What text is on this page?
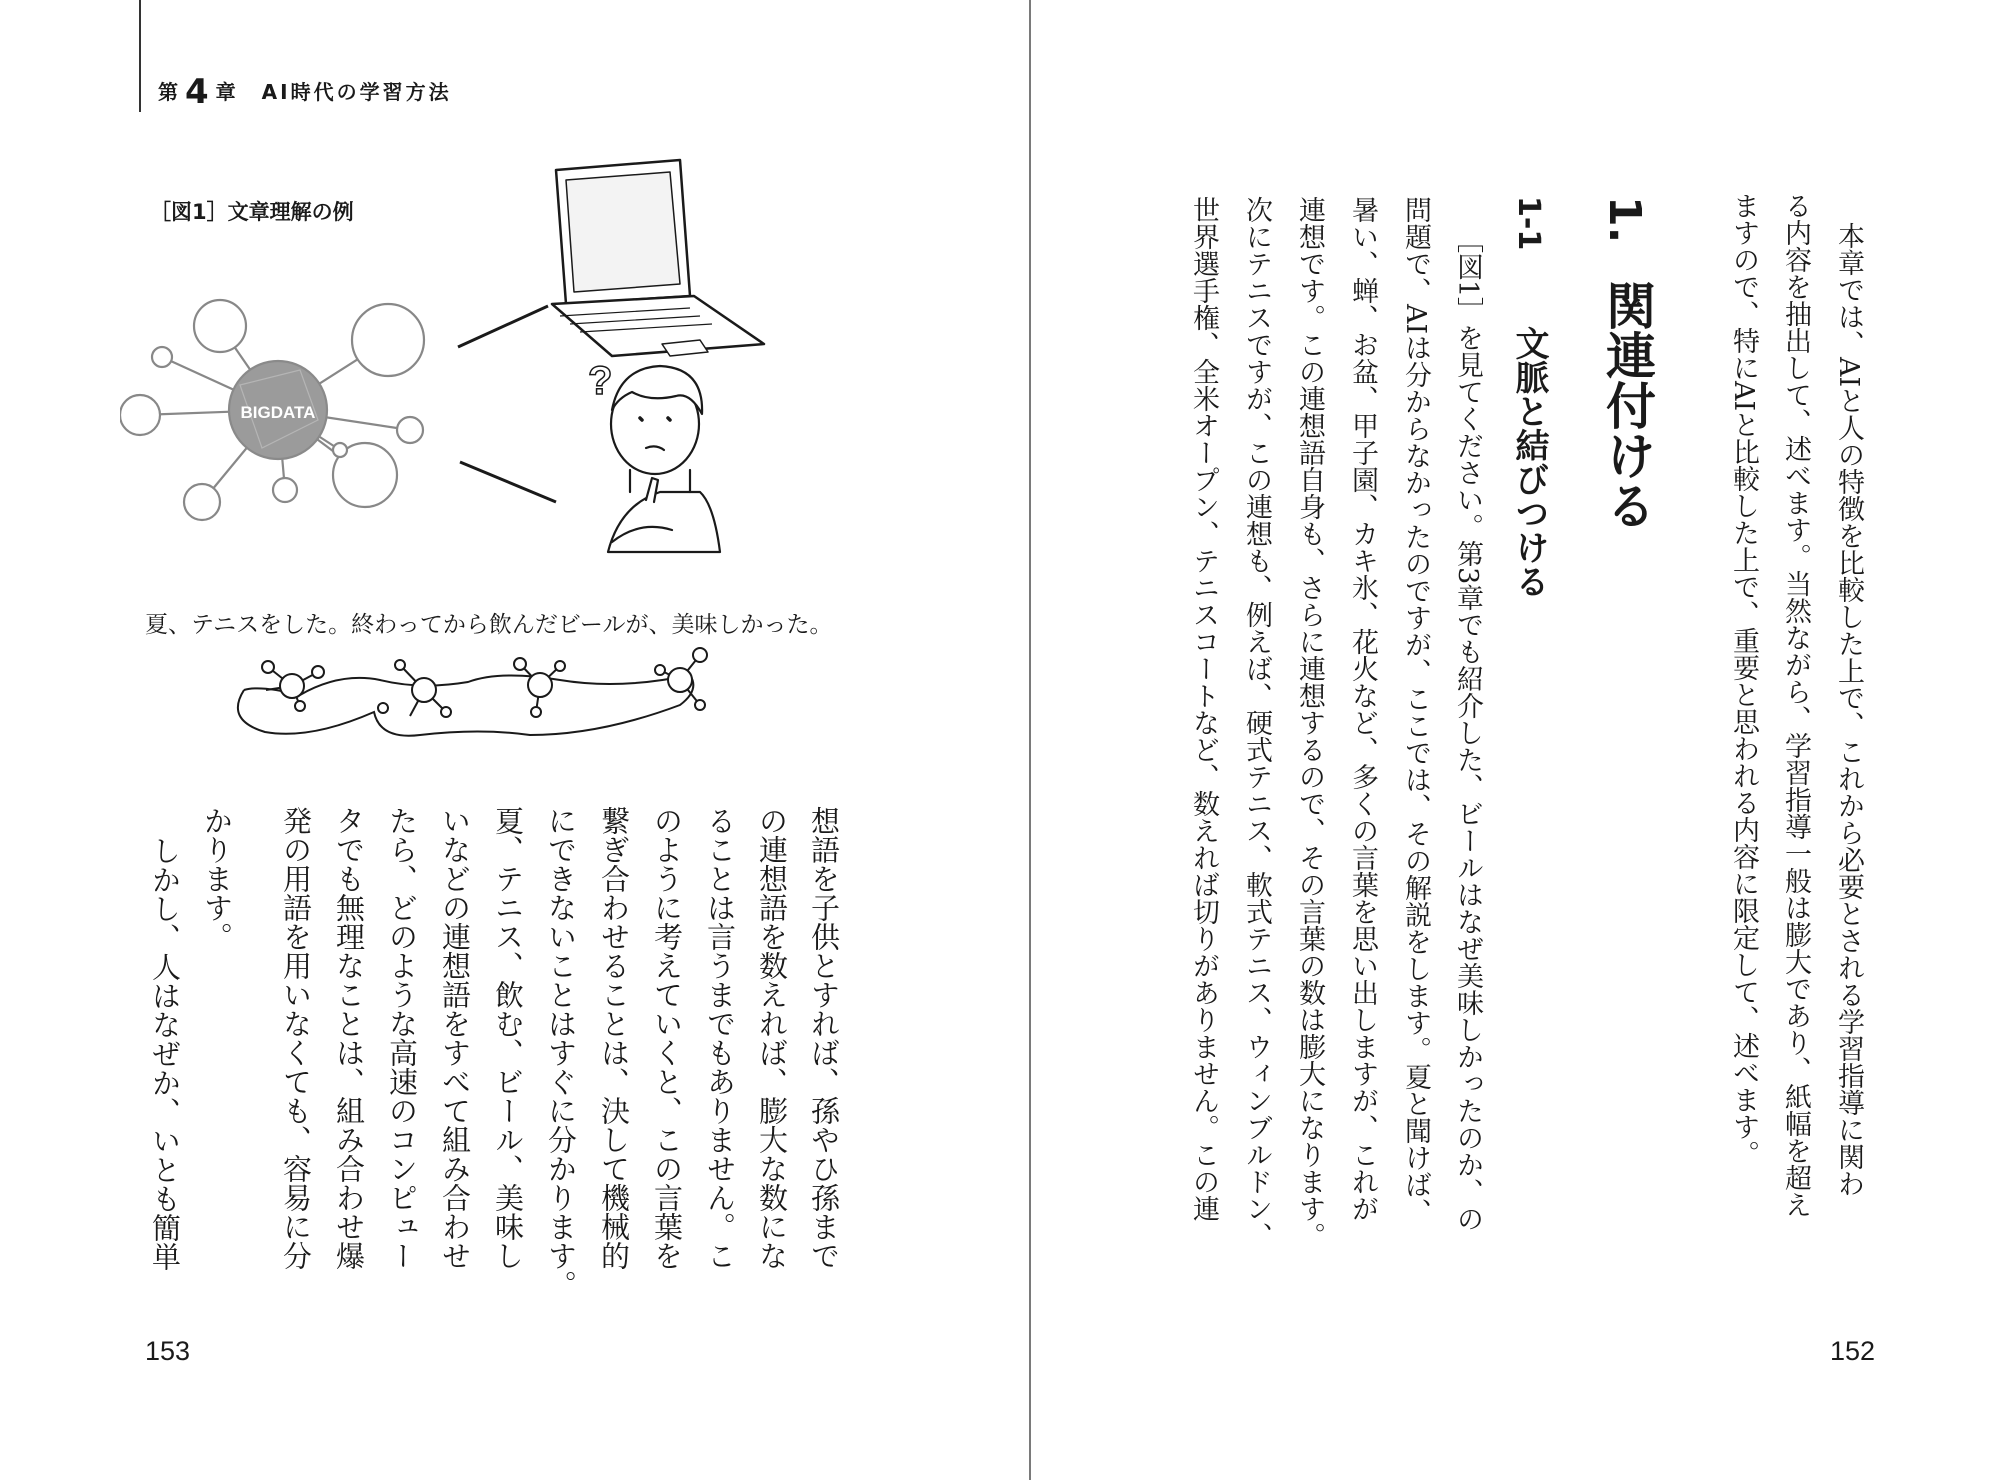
第 4 章　AI時代の学習方法
［図1］文章理解の例
BIGDATA
?
夏、テニスをした。終わってから飲んだビールが、美味しかった。
想語を子供とすれば、孫やひ孫まで
の連想語を数えれば、膨大な数にな
ることは言うまでもありません。こ
のように考えていくと、この言葉を
繋ぎ合わせることは、決して機械的
にできないことはすぐに分かります。
夏、テニス、飲む、ビール、美味し
いなどの連想語をすべて組み合わせ
たら、どのような高速のコンピュー
タでも無理なことは、組み合わせ爆
発の用語を用いなくても、容易に分
かります。
しかし、人はなぜか、いとも簡単
153
本章では、AIと人の特徴を比較した上で、これから必要とされる学習指導に関わ
る内容を抽出して、述べます。当然ながら、学習指導一般は膨大であり、紙幅を超え
ますので、特にAIと比較した上で、重要と思われる内容に限定して、述べます。
1.
関連付ける
1-1
文脈と結びつける
［図1］を見てください。第3章でも紹介した、ビールはなぜ美味しかったのか、の
問題で、AIは分からなかったのですが、ここでは、その解説をします。夏と聞けば、
暑い、蝉、お盆、甲子園、カキ氷、花火など、多くの言葉を思い出しますが、これが
連想です。この連想語自身も、さらに連想するので、その言葉の数は膨大になります。
次にテニスですが、この連想も、例えば、硬式テニス、軟式テニス、ウィンブルドン、
世界選手権、全米オープン、テニスコートなど、数えれば切りがありません。この連
152
